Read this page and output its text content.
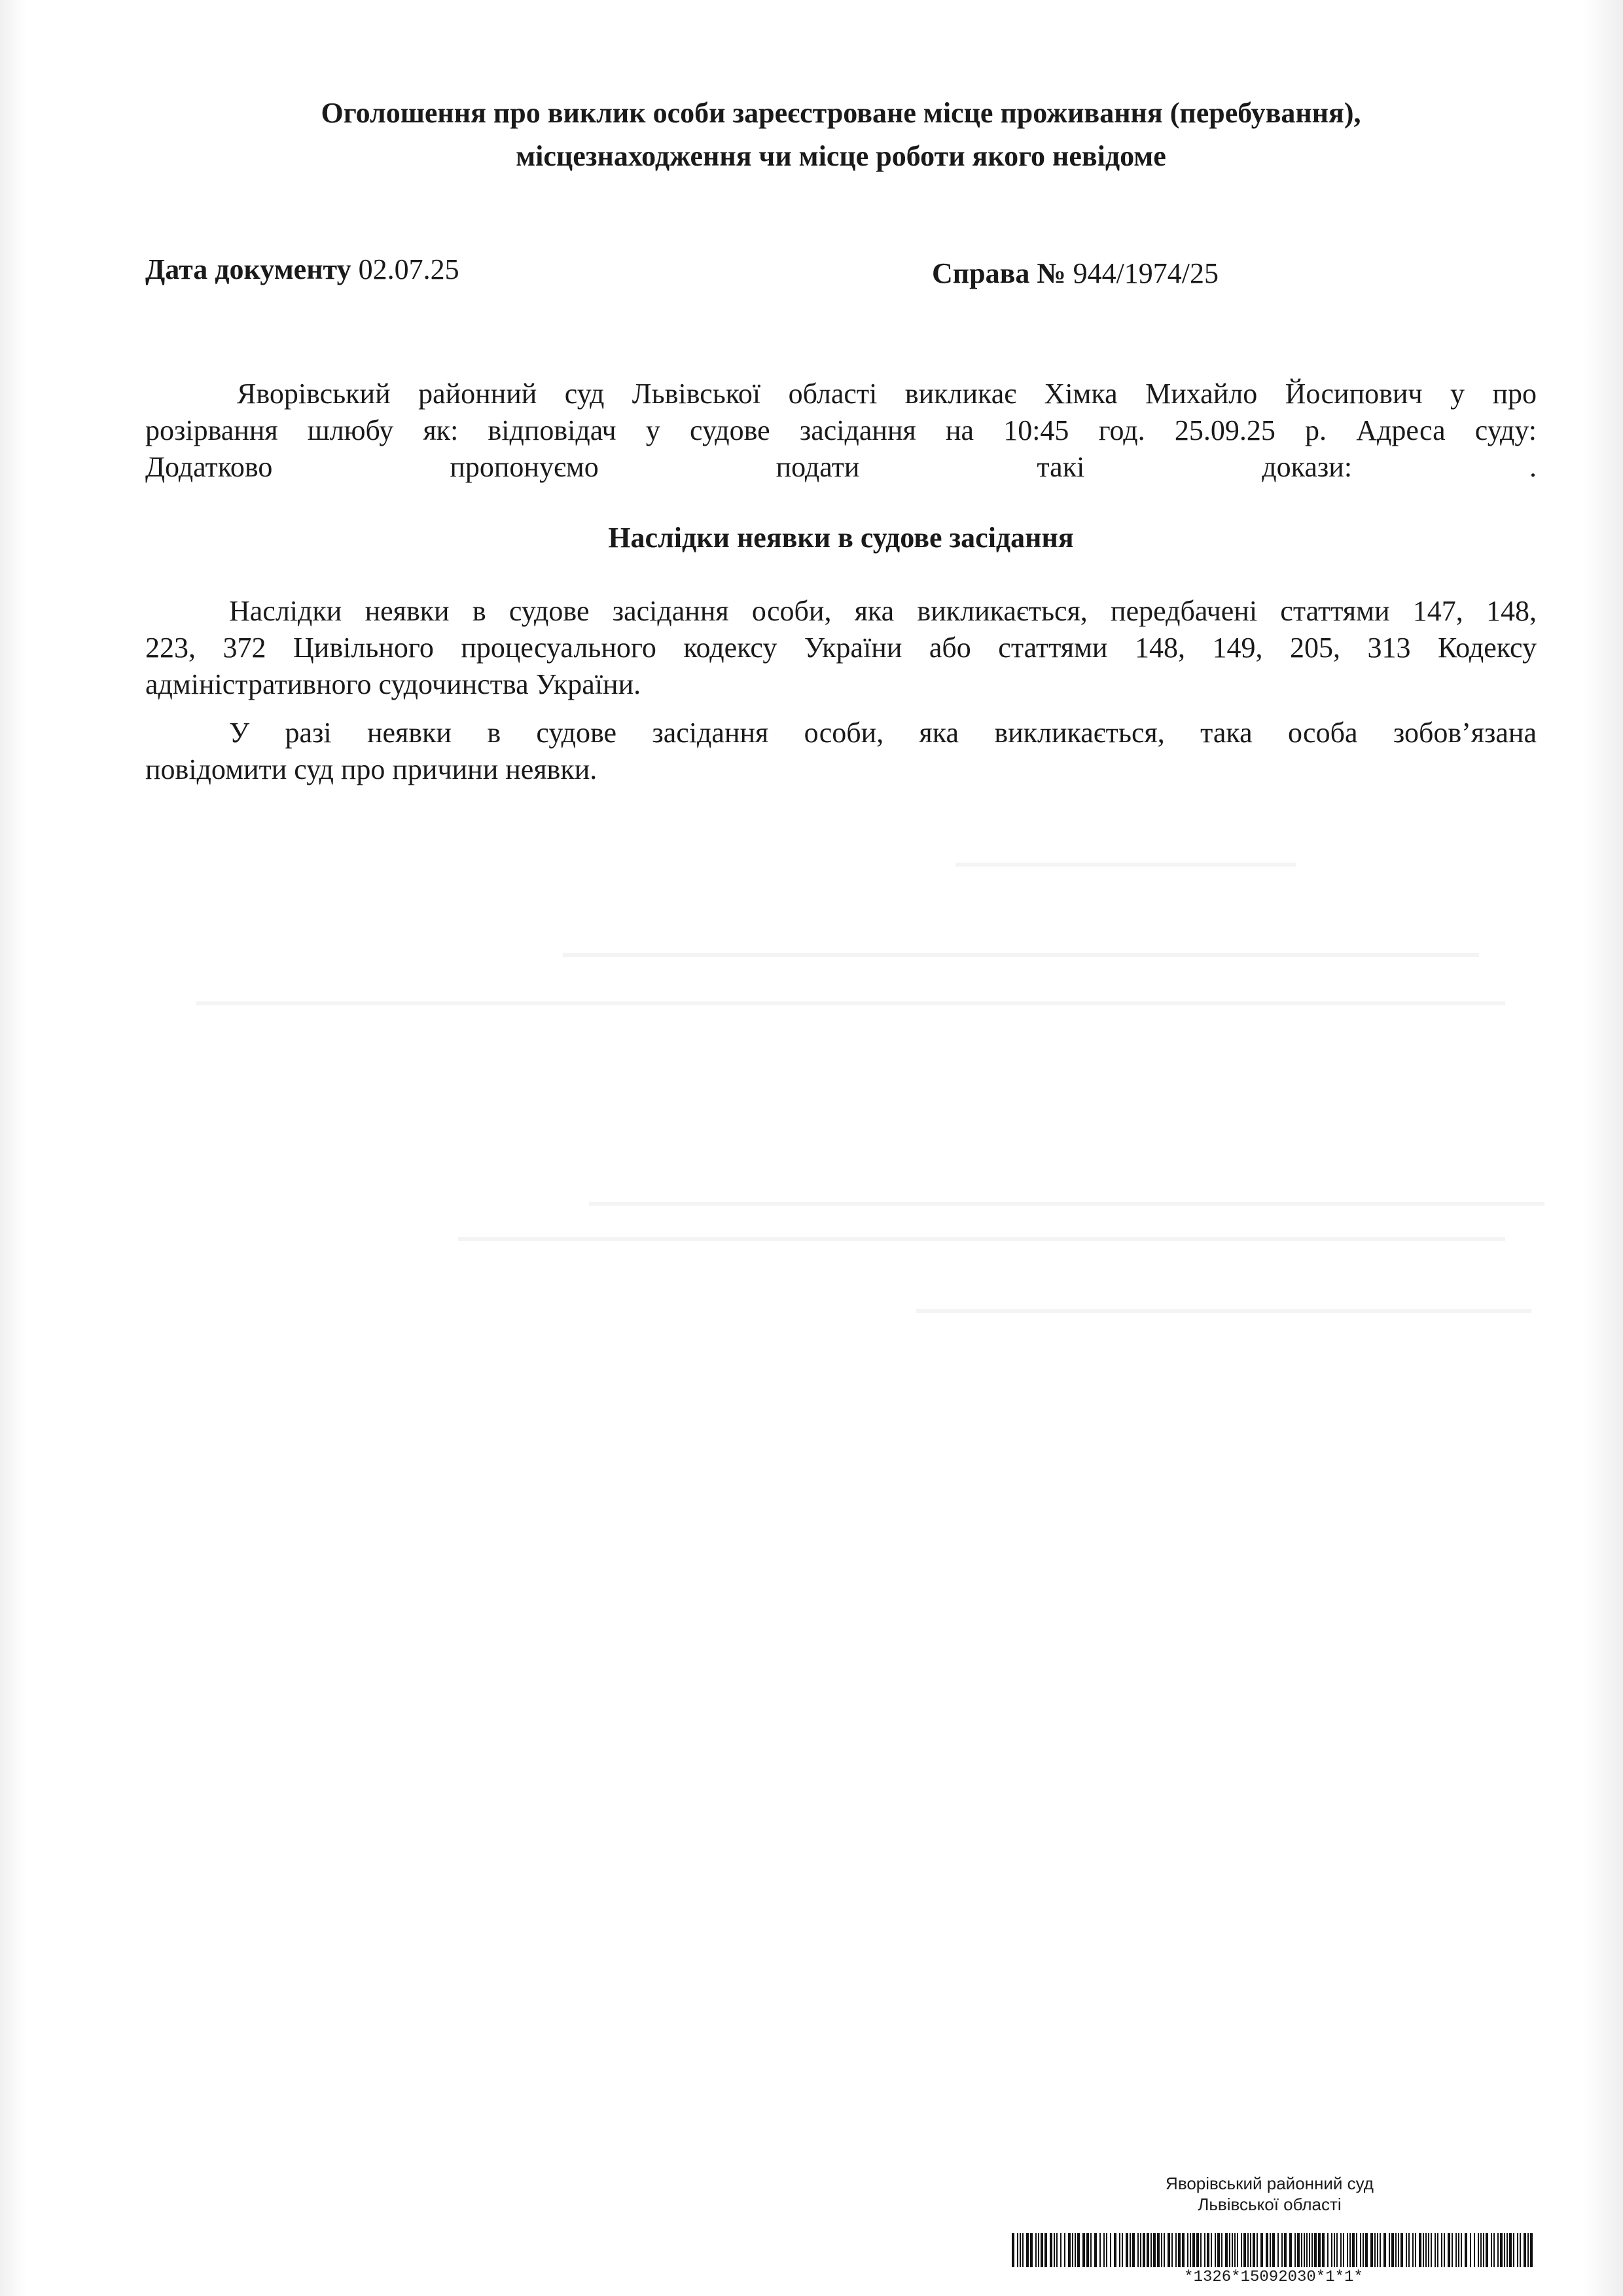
Оголошення про виклик особи зареєстроване місце проживання (перебування),
місцезнаходження чи місце роботи якого невідоме
Дата документу 02.07.25	Справа № 944/1974/25
Яворівський районний суд Львівської області викликає Хімка Михайло Йосипович у про
розірвання шлюбу як: відповідач у судове засідання на 10:45 год. 25.09.25 р. Адреса суду:
Додатково пропонуємо подати такі докази: .
Наслідки неявки в судове засідання
Наслідки неявки в судове засідання особи, яка викликається, передбачені статтями 147, 148,
223, 372 Цивільного процесуального кодексу України або статтями 148, 149, 205, 313 Кодексу
адміністративного судочинства України.
У разі неявки в судове засідання особи, яка викликається, така особа зобов’язана
повідомити суд про причини неявки.
Яворівський районний суд
Львівської області
*1326*15092030*1*1*
